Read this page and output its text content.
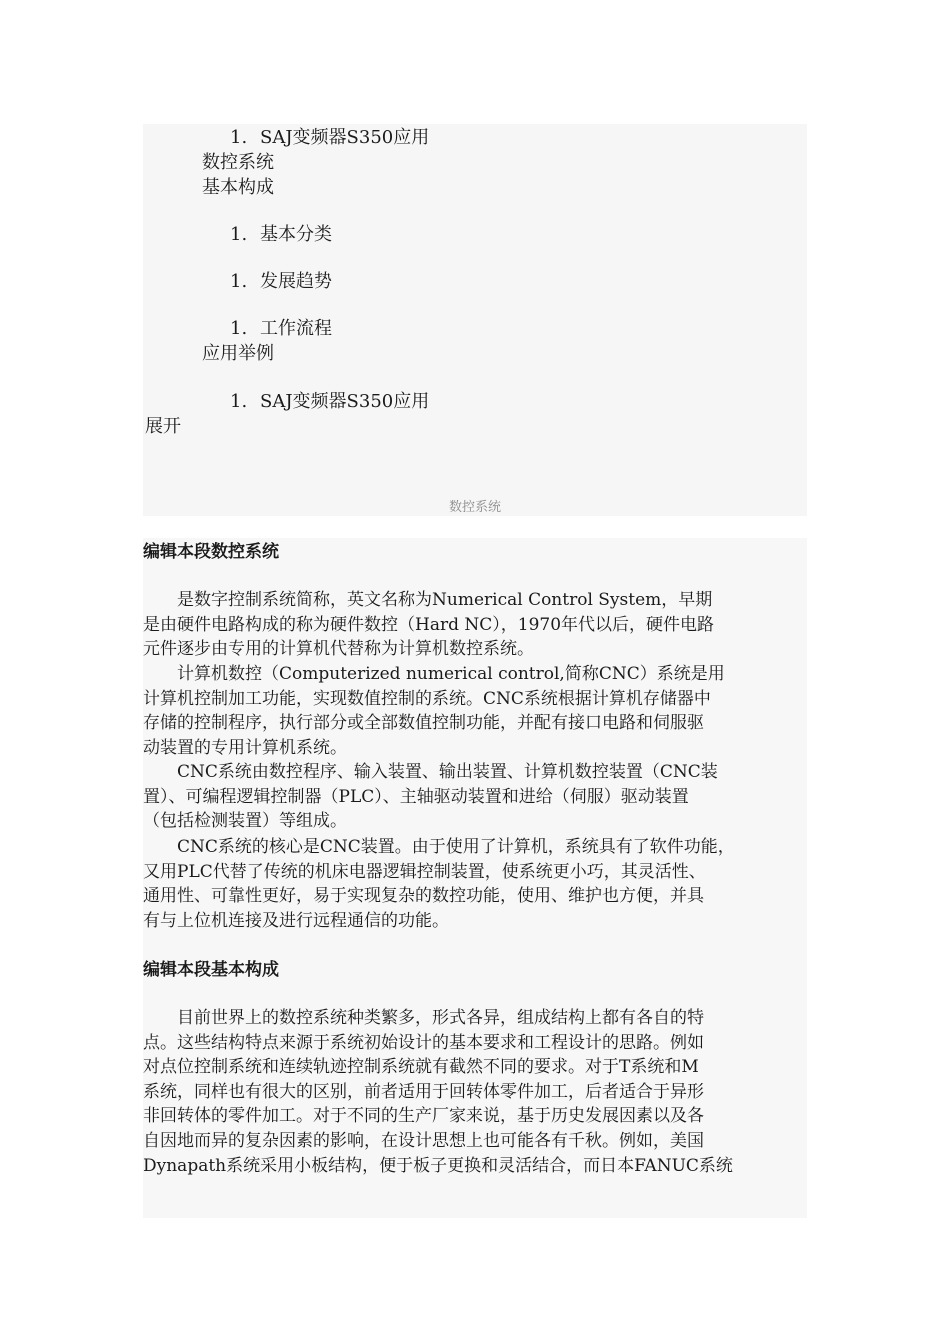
数控系统
1. SAJ变频器S350应用
数控系统
基本构成
1. 基本分类
1. 发展趋势
1. 工作流程
应用举例
1. SAJ变频器S350应用
展开
编辑本段数控系统
　　是数字控制系统简称，英文名称为Numerical Control System，早期
是由硬件电路构成的称为硬件数控（Hard NC），1970年代以后，硬件电路
元件逐步由专用的计算机代替称为计算机数控系统。
　　计算机数控（Computerized numerical control,简称CNC）系统是用
计算机控制加工功能，实现数值控制的系统。CNC系统根据计算机存储器中
存储的控制程序，执行部分或全部数值控制功能，并配有接口电路和伺服驱
动装置的专用计算机系统。
　　CNC系统由数控程序、输入装置、输出装置、计算机数控装置（CNC装
置）、可编程逻辑控制器（PLC）、主轴驱动装置和进给（伺服）驱动装置
（包括检测装置）等组成。
　　CNC系统的核心是CNC装置。由于使用了计算机，系统具有了软件功能，
又用PLC代替了传统的机床电器逻辑控制装置，使系统更小巧，其灵活性、
通用性、可靠性更好，易于实现复杂的数控功能，使用、维护也方便，并具
有与上位机连接及进行远程通信的功能。
编辑本段基本构成
　　目前世界上的数控系统种类繁多，形式各异，组成结构上都有各自的特
点。这些结构特点来源于系统初始设计的基本要求和工程设计的思路。例如
对点位控制系统和连续轨迹控制系统就有截然不同的要求。对于T系统和M
系统，同样也有很大的区别，前者适用于回转体零件加工，后者适合于异形
非回转体的零件加工。对于不同的生产厂家来说，基于历史发展因素以及各
自因地而异的复杂因素的影响，在设计思想上也可能各有千秋。例如，美国
Dynapath系统采用小板结构，便于板子更换和灵活结合，而日本FANUC系统
